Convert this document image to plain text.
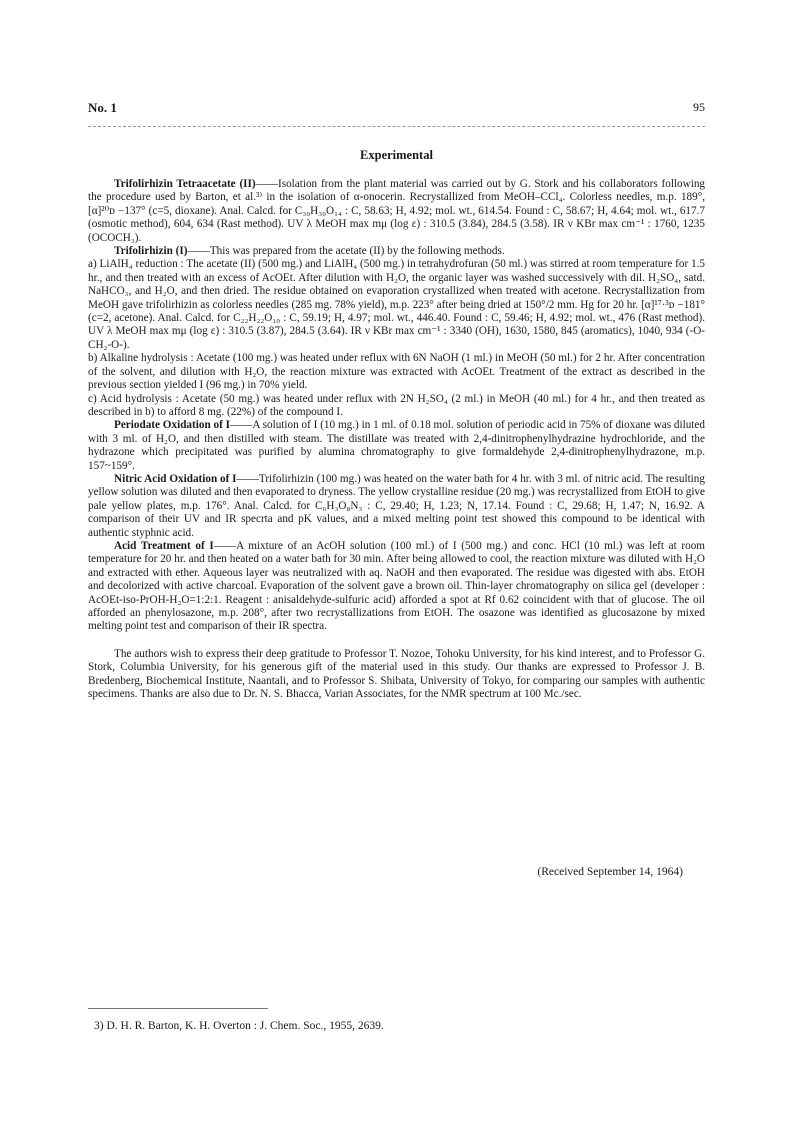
No. 1	95
Experimental

Trifolirhizin Tetraacetate (II)——Isolation from the plant material was carried out by G. Stork and his collaborators following the procedure used by Barton, et al.³⁾ in the isolation of α-onocerin. Recrystallized from MeOH–CCl₄. Colorless needles, m.p. 189°, [α]²⁰ᴅ −137° (c=5, dioxane). Anal. Calcd. for C₃₀H₃₀O₁₄ : C, 58.63; H, 4.92; mol. wt., 614.54. Found : C, 58.67; H, 4.64; mol. wt., 617.7 (osmotic method), 604, 634 (Rast method). UV λ MeOH max mμ (log ε) : 310.5 (3.84), 284.5 (3.58). IR ν KBr max cm⁻¹ : 1760, 1235 (OCOCH₃).

Trifolirhizin (I)——This was prepared from the acetate (II) by the following methods.

a) LiAlH₄ reduction : The acetate (II) (500 mg.) and LiAlH₄ (500 mg.) in tetrahydrofuran (50 ml.) was stirred at room temperature for 1.5 hr., and then treated with an excess of AcOEt. After dilution with H₂O, the organic layer was washed successively with dil. H₂SO₄, satd. NaHCO₃, and H₂O, and then dried. The residue obtained on evaporation crystallized when treated with acetone. Recrystallization from MeOH gave trifolirhizin as colorless needles (285 mg. 78% yield), m.p. 223° after being dried at 150°/2 mm. Hg for 20 hr. [α]¹⁷·³ᴅ −181° (c=2, acetone). Anal. Calcd. for C₂₂H₂₂O₁₀ : C, 59.19; H, 4.97; mol. wt., 446.40. Found : C, 59.46; H, 4.92; mol. wt., 476 (Rast method). UV λ MeOH max mμ (log ε) : 310.5 (3.87), 284.5 (3.64). IR ν KBr max cm⁻¹ : 3340 (OH), 1630, 1580, 845 (aromatics), 1040, 934 (-O-CH₂-O-).

b) Alkaline hydrolysis : Acetate (100 mg.) was heated under reflux with 6N NaOH (1 ml.) in MeOH (50 ml.) for 2 hr. After concentration of the solvent, and dilution with H₂O, the reaction mixture was extracted with AcOEt. Treatment of the extract as described in the previous section yielded I (96 mg.) in 70% yield.

c) Acid hydrolysis : Acetate (50 mg.) was heated under reflux with 2N H₂SO₄ (2 ml.) in MeOH (40 ml.) for 4 hr., and then treated as described in b) to afford 8 mg. (22%) of the compound I.

Periodate Oxidation of I——A solution of I (10 mg.) in 1 ml. of 0.18 mol. solution of periodic acid in 75% of dioxane was diluted with 3 ml. of H₂O, and then distilled with steam. The distillate was treated with 2,4-dinitrophenylhydrazine hydrochloride, and the hydrazone which precipitated was purified by alumina chromatography to give formaldehyde 2,4-dinitrophenylhydrazone, m.p. 157~159°.

Nitric Acid Oxidation of I——Trifolirhizin (100 mg.) was heated on the water bath for 4 hr. with 3 ml. of nitric acid. The resulting yellow solution was diluted and then evaporated to dryness. The yellow crystalline residue (20 mg.) was recrystallized from EtOH to give pale yellow plates, m.p. 176°. Anal. Calcd. for C₆H₃O₈N₃ : C, 29.40; H, 1.23; N, 17.14. Found : C, 29.68; H, 1.47; N, 16.92. A comparison of their UV and IR specrta and pK values, and a mixed melting point test showed this compound to be identical with authentic styphnic acid.

Acid Treatment of I——A mixture of an AcOH solution (100 ml.) of I (500 mg.) and conc. HCl (10 ml.) was left at room temperature for 20 hr. and then heated on a water bath for 30 min. After being allowed to cool, the reaction mixture was diluted with H₂O and extracted with ether. Aqueous layer was neutralized with aq. NaOH and then evaporated. The residue was digested with abs. EtOH and decolorized with active charcoal. Evaporation of the solvent gave a brown oil. Thin-layer chromatography on silica gel (developer : AcOEt-iso-PrOH-H₂O=1:2:1. Reagent : anisaldehyde-sulfuric acid) afforded a spot at Rf 0.62 coincident with that of glucose. The oil afforded an phenylosazone, m.p. 208°, after two recrystallizations from EtOH. The osazone was identified as glucosazone by mixed melting point test and comparison of their IR spectra.

The authors wish to express their deep gratitude to Professor T. Nozoe, Tohoku University, for his kind interest, and to Professor G. Stork, Columbia University, for his generous gift of the material used in this study. Our thanks are expressed to Professor J. B. Bredenberg, Biochemical Institute, Naantali, and to Professor S. Shibata, University of Tokyo, for comparing our samples with authentic specimens. Thanks are also due to Dr. N. S. Bhacca, Varian Associates, for the NMR spectrum at 100 Mc./sec.

(Received September 14, 1964)
3) D. H. R. Barton, K. H. Overton : J. Chem. Soc., 1955, 2639.
